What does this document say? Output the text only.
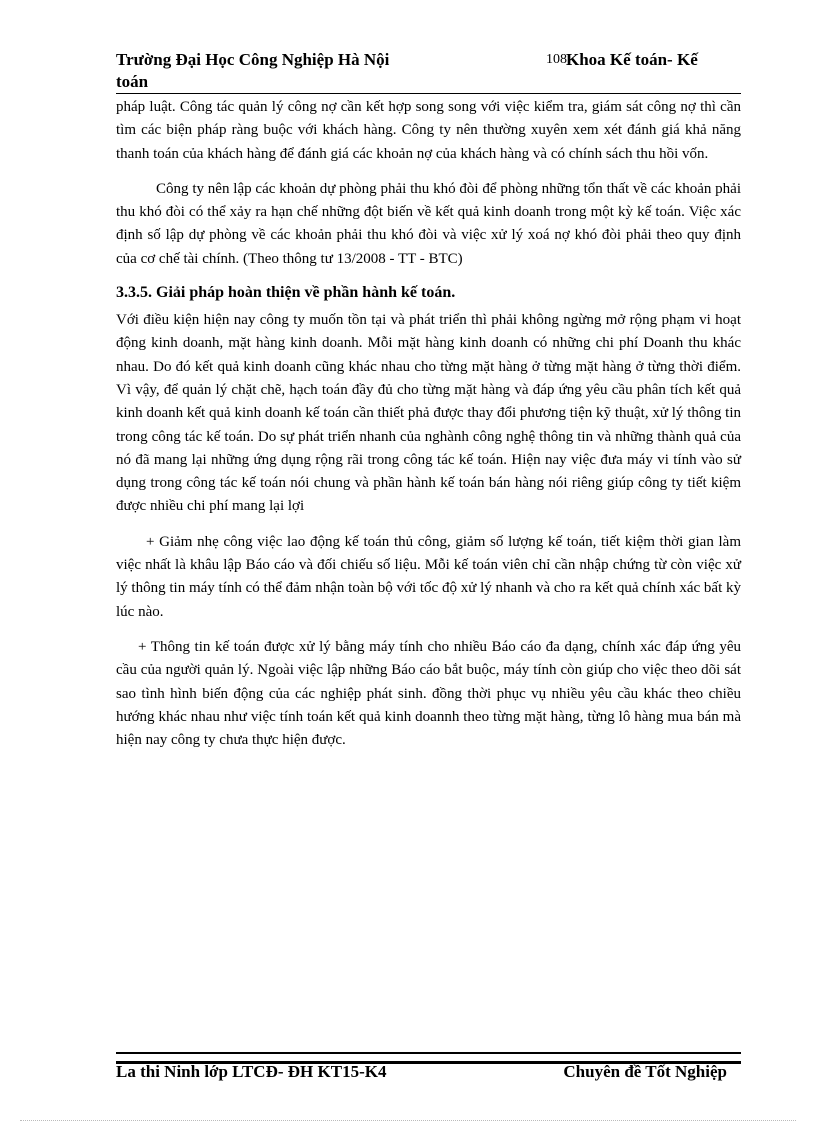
Trường Đại Học Công Nghiệp Hà Nội	108 Khoa Kế toán- Kế
toán

pháp luật. Công tác quản lý công nợ cần kết hợp song song với việc kiểm tra, giám sát công nợ thì cần tìm các biện pháp ràng buộc với khách hàng. Công ty nên thường xuyên xem xét đánh giá khả năng thanh toán của khách hàng để đánh giá các khoản nợ của khách hàng và có chính sách thu hồi vốn.

Công ty nên lập các khoản dự phòng phải thu khó đòi để phòng những tổn thất về các khoản phải thu khó đòi có thể xảy ra hạn chế những đột biến về kết quả kinh doanh trong một kỳ kế toán. Việc xác định số lập dự phòng về các khoản phải thu khó đòi và việc xử lý xoá nợ khó đòi phải theo quy định của cơ chế tài chính. (Theo thông tư 13/2008 - TT - BTC)

3.3.5. Giải pháp hoàn thiện về phần hành kế toán.

Với điều kiện hiện nay công ty muốn tồn tại và phát triển thì phải không ngừng mở rộng phạm vi hoạt động kinh doanh, mặt hàng kinh doanh. Mỗi mặt hàng kinh doanh có những chi phí Doanh thu khác nhau. Do đó kết quả kinh doanh cũng khác nhau cho từng mặt hàng ở từng mặt hàng ở từng thời điểm. Vì vậy, để quản lý chặt chẽ, hạch toán đầy đủ cho từng mặt hàng và đáp ứng yêu cầu phân tích kết quả kinh doanh kết quả kinh doanh kế toán cần thiết phả được thay đổi phương tiện kỹ thuật, xử lý thông tin trong công tác kế toán. Do sự phát triển nhanh của nghành công nghệ thông tin và những thành quả của nó đã mang lại những ứng dụng rộng rãi trong công tác kế toán. Hiện nay việc đưa máy vi tính vào sử dụng trong công tác kế toán nói chung và phần hành kế toán bán hàng nói riêng giúp công ty tiết kiệm được nhiều chi phí mang lại lợi

+ Giảm nhẹ công việc lao động kế toán thủ công, giảm số lượng kế toán, tiết kiệm thời gian làm việc nhất là khâu lập Báo cáo và đối chiếu số liệu. Mỗi kế toán viên chỉ cần nhập chứng từ còn việc xử lý thông tin máy tính có thể đảm nhận toàn bộ với tốc độ xử lý nhanh và cho ra kết quả chính xác bất kỳ lúc nào.

+ Thông tin kế toán được xử lý bằng máy tính cho nhiều Báo cáo đa dạng, chính xác đáp ứng yêu cầu của người quản lý. Ngoài việc lập những Báo cáo bắt buộc, máy tính còn giúp cho việc theo dõi sát sao tình hình biến động của các nghiệp phát sinh. đồng thời phục vụ nhiều yêu cầu khác theo chiều hướng khác nhau như việc tính toán kết quả kinh doannh theo từng mặt hàng, từng lô hàng mua bán mà hiện nay công ty chưa thực hiện được.

La thi Ninh lớp LTCĐ- ĐH KT15-K4	Chuyên đề Tốt Nghiệp
